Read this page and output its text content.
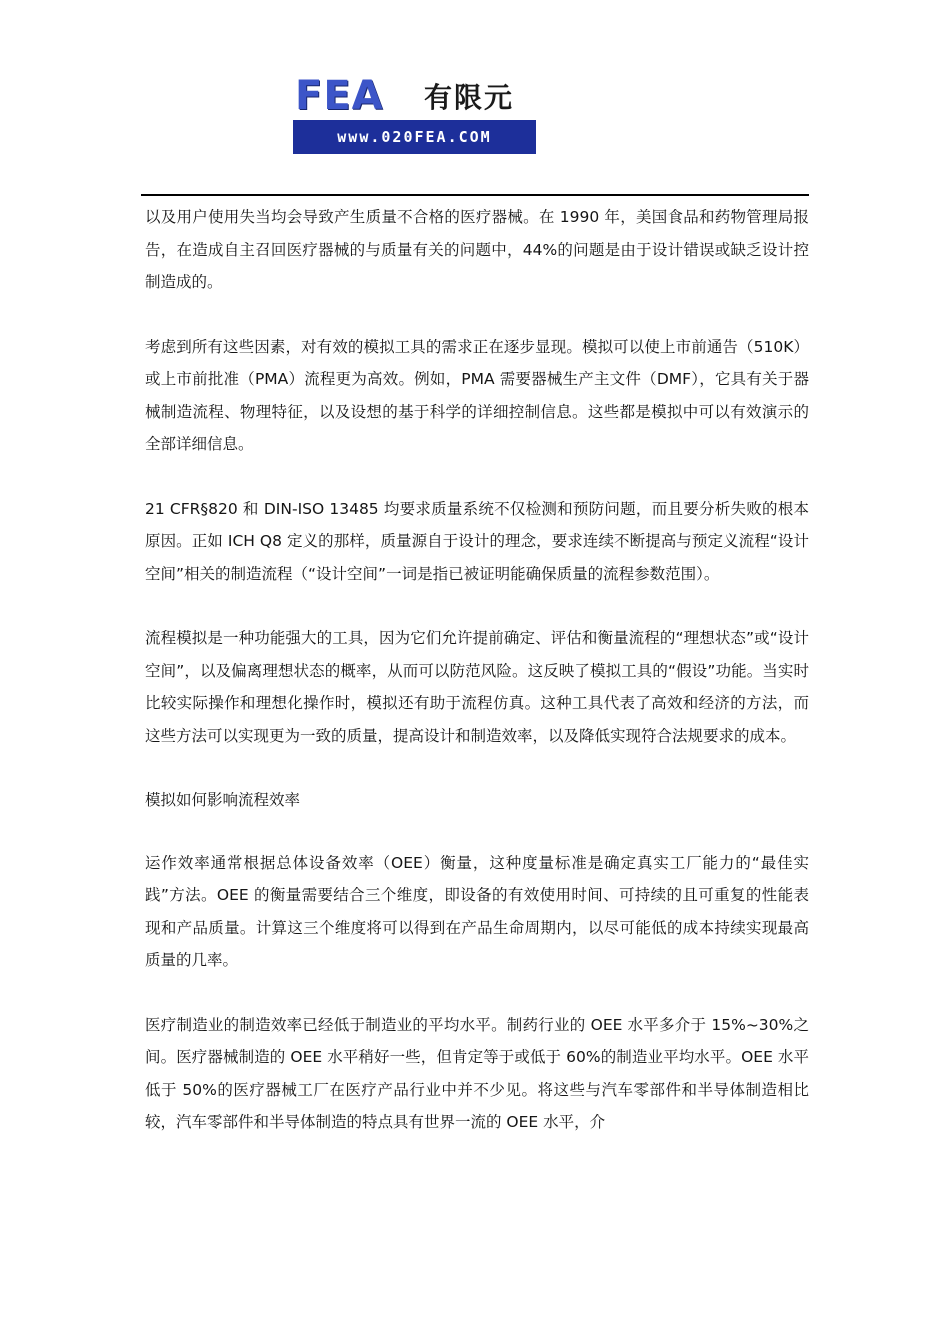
FEA 有限元
www.020FEA.COM

以及用户使用失当均会导致产生质量不合格的医疗器械。在 1990 年，美国食品和药物管理局报告，在造成自主召回医疗器械的与质量有关的问题中，44%的问题是由于设计错误或缺乏设计控制造成的。

考虑到所有这些因素，对有效的模拟工具的需求正在逐步显现。模拟可以使上市前通告（510K）或上市前批准（PMA）流程更为高效。例如，PMA 需要器械生产主文件（DMF），它具有关于器械制造流程、物理特征，以及设想的基于科学的详细控制信息。这些都是模拟中可以有效演示的全部详细信息。

21 CFR§820 和 DIN-ISO 13485 均要求质量系统不仅检测和预防问题，而且要分析失败的根本原因。正如 ICH Q8 定义的那样，质量源自于设计的理念，要求连续不断提高与预定义流程“设计空间”相关的制造流程（“设计空间”一词是指已被证明能确保质量的流程参数范围）。

流程模拟是一种功能强大的工具，因为它们允许提前确定、评估和衡量流程的“理想状态”或“设计空间”，以及偏离理想状态的概率，从而可以防范风险。这反映了模拟工具的“假设”功能。当实时比较实际操作和理想化操作时，模拟还有助于流程仿真。这种工具代表了高效和经济的方法，而这些方法可以实现更为一致的质量，提高设计和制造效率，以及降低实现符合法规要求的成本。

模拟如何影响流程效率

运作效率通常根据总体设备效率（OEE）衡量，这种度量标准是确定真实工厂能力的“最佳实践”方法。OEE 的衡量需要结合三个维度，即设备的有效使用时间、可持续的且可重复的性能表现和产品质量。计算这三个维度将可以得到在产品生命周期内，以尽可能低的成本持续实现最高质量的几率。

医疗制造业的制造效率已经低于制造业的平均水平。制药行业的 OEE 水平多介于 15%~30%之间。医疗器械制造的 OEE 水平稍好一些，但肯定等于或低于 60%的制造业平均水平。OEE 水平低于 50%的医疗器械工厂在医疗产品行业中并不少见。将这些与汽车零部件和半导体制造相比较，汽车零部件和半导体制造的特点具有世界一流的 OEE 水平，介
